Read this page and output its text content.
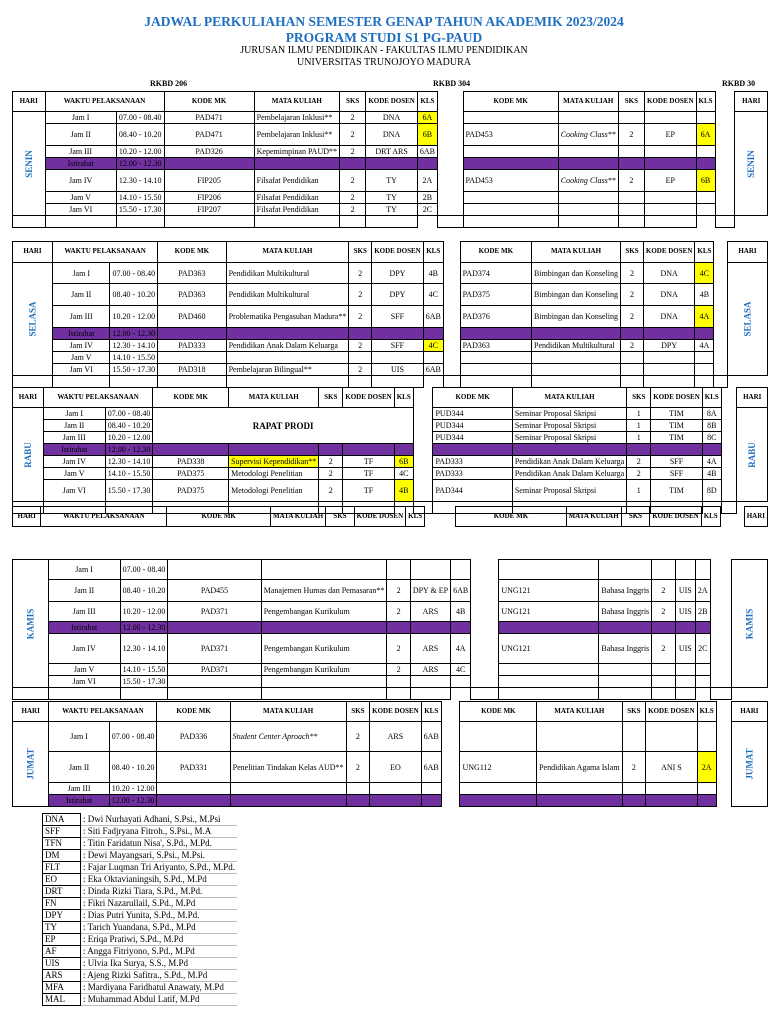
JADWAL PERKULIAHAN SEMESTER GENAP TAHUN AKADEMIK 2023/2024
PROGRAM STUDI S1 PG-PAUD
JURUSAN ILMU PENDIDIKAN - FAKULTAS ILMU PENDIDIKAN
UNIVERSITAS TRUNOJOYO MADURA
RKBD 206	RKBD 304	RKBD 30
HARI	WAKTU PELAKSANAAN		KODE MK	MATA KULIAH	SKS	KODE DOSEN	KLS		KODE MK	MATA KULIAH	SKS	KODE DOSEN	KLS		HARI
SENIN	Jam I	07.00 - 08.40	PAD471	Pembelajaran Inklusi**	2	DNA	6A								SENIN
	Jam II	08.40 - 10.20	PAD471	Pembelajaran Inklusi**	2	DNA	6B		PAD453	Cooking Class**	2	EP	6A		
	Jam III	10.20 - 12.00	PAD326	Kepemimpinan PAUD**	2	DRT ARS	6AB								
	Istirahat	12.00 - 12.30													
	Jam IV	12.30 - 14.10	FIP205	Filsafat Pendidikan	2	TY	2A		PAD453	Cooking Class**	2	EP	6B		
	Jam V	14.10 - 15.50	FIP206	Filsafat Pendidikan	2	TY	2B								
	Jam VI	15.50 - 17.30	FIP207	Filsafat Pendidikan	2	TY	2C								

HARI	WAKTU PELAKSANAAN		KODE MK	MATA KULIAH	SKS	KODE DOSEN	KLS		KODE MK	MATA KULIAH	SKS	KODE DOSEN	KLS		HARI
SELASA	Jam I	07.00 - 08.40	PAD363	Pendidikan Multikultural	2	DPY	4B		PAD374	Bimbingan dan Konseling	2	DNA	4C		SELASA
	Jam II	08.40 - 10.20	PAD363	Pendidikan Multikultural	2	DPY	4C		PAD375	Bimbingan dan Konseling	2	DNA	4B		
	Jam III	10.20 - 12.00	PAD460	Problematika Pengasuhan Madura**	2	SFF	6AB		PAD376	Bimbingan dan Konseling	2	DNA	4A		
	Istirahat	12.00 - 12.30													
	Jam IV	12.30 - 14.10	PAD333	Pendidikan Anak Dalam Keluarga	2	SFF	4C		PAD363	Pendidikan Multikultural	2	DPY	4A		
	Jam V	14.10 - 15.50													
	Jam VI	15.50 - 17.30	PAD318	Pembelajaran Bilingual**	2	UIS	6AB								

HARI	WAKTU PELAKSANAAN		KODE MK	MATA KULIAH	SKS	KODE DOSEN	KLS		KODE MK	MATA KULIAH	SKS	KODE DOSEN	KLS		HARI
RABU	Jam I	07.00 - 08.40	RAPAT PRODI						PUD344	Seminar Proposal Skripsi	1	TIM	8A		RABU
	Jam II	08.40 - 10.20							PUD344	Seminar Proposal Skripsi	1	TIM	8B		
	Jam III	10.20 - 12.00							PUD344	Seminar Proposal Skripsi	1	TIM	8C		
	Istirahat	12.00 - 12.30													
	Jam IV	12.30 - 14.10	PAD338	Supervisi Kependidikan**	2	TF	6B		PAD333	Pendidikan Anak Dalam Keluarga	2	SFF	4A		
	Jam V	14.10 - 15.50	PAD375	Metodologi Penelitian	2	TF	4C		PAD333	Pendidikan Anak Dalam Keluarga	2	SFF	4B		
	Jam VI	15.50 - 17.30	PAD375	Metodologi Penelitian	2	TF	4B		PAD344	Seminar Proposal Skripsi	1	TIM	8D		

HARI	WAKTU PELAKSANAAN	KODE MK	MATA KULIAH	SKS	KODE DOSEN	KLS		KODE MK	MATA KULIAH	SKS	KODE DOSEN	KLS		HARI
KAMIS	Jam I	07.00 - 08.40													KAMIS
	Jam II	08.40 - 10.20	PAD455	Manajemen Humas dan Pemasaran**	2	DPY & EP	6AB		UNG121	Bahasa Inggris	2	UIS	2A		
	Jam III	10.20 - 12.00	PAD371	Pengembangan Kurikulum	2	ARS	4B		UNG121	Bahasa Inggris	2	UIS	2B		
	Istirahat	12.00 - 12.30													
	Jam IV	12.30 - 14.10	PAD371	Pengembangan Kurikulum	2	ARS	4A		UNG121	Bahasa Inggris	2	UIS	2C		
	Jam V	14.10 - 15.50	PAD371	Pengembangan Kurikulum	2	ARS	4C								
	Jam VI	15.50 - 17.30													

HARI	WAKTU PELAKSANAAN		KODE MK	MATA KULIAH	SKS	KODE DOSEN	KLS		KODE MK	MATA KULIAH	SKS	KODE DOSEN	KLS		HARI
JUMAT	Jam I	07.00 - 08.40	PAD336	Student Center Aproach**	2	ARS	6AB								JUMAT
	Jam II	08.40 - 10.20	PAD331	Penelitian Tindakan Kelas AUD**	2	EO	6AB		UNG112	Pendidikan Agama Islam	2	ANI S	2A		
	Jam III	10.20 - 12.00													
	Istirahat	12.00 - 12.30													
DNA	: Dwi Nurhayati Adhani, S.Psi., M.Psi
SFF	: Siti Fadjryana Fitroh., S.Psi., M.A
TFN	: Titin Faridatun Nisa', S.Pd., M.Pd.
DM	: Dewi Mayangsari, S.Psi., M.Psi.
FLT	: Fajar Luqman Tri Ariyanto, S.Pd., M.Pd.
EO	: Eka Oktavianingsih, S.Pd., M.Pd
DRT	: Dinda Rizki Tiara, S.Pd., M.Pd.
FN	: Fikri Nazarullail, S.Pd., M.Pd
DPY	: Dias Putri Yunita, S.Pd., M.Pd.
TY	: Tarich Yuandana, S.Pd., M.Pd
EP	: Eriqa Pratiwi, S.Pd., M.Pd
AF	: Angga Fitriyono, S.Pd., M.Pd
UIS	: Ulvia Ika Surya, S.S., M.Pd
ARS	: Ajeng Rizki Safitra., S.Pd., M.Pd
MFA	: Mardiyana Faridhatul Anawaty, M.Pd
MAL	: Muhammad Abdul Latif, M.Pd
